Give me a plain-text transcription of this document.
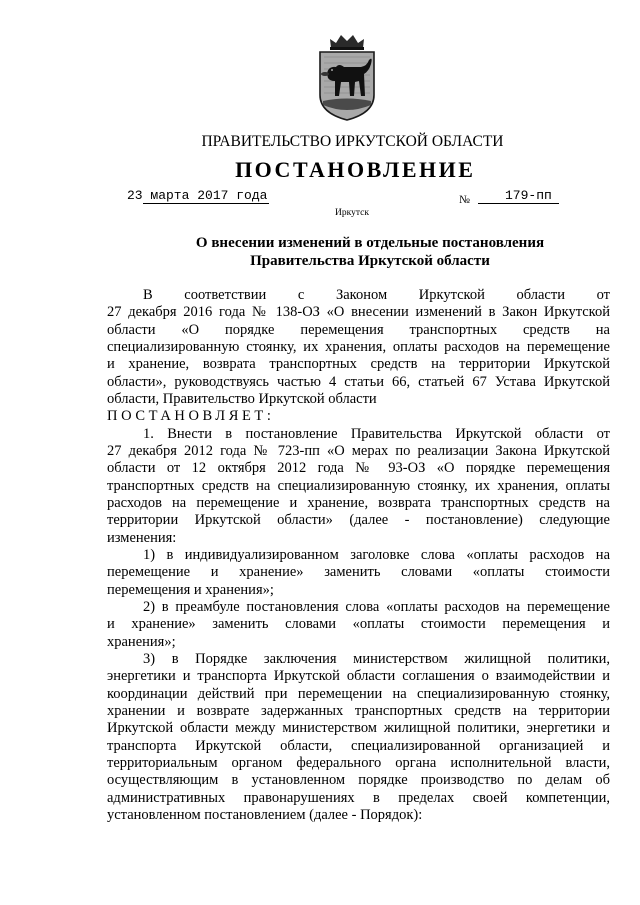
ПРАВИТЕЛЬСТВО ИРКУТСКОЙ ОБЛАСТИ
ПОСТАНОВЛЕНИЕ
23 марта 2017 года	№	179-пп
Иркутск
О внесении изменений в отдельные постановления
Правительства Иркутской области
В соответствии с Законом Иркутской области от
27 декабря 2016 года № 138-ОЗ «О внесении изменений в Закон Иркутской
области «О порядке перемещения транспортных средств на
специализированную стоянку, их хранения, оплаты расходов на перемещение
и хранение, возврата транспортных средств на территории Иркутской
области», руководствуясь частью 4 статьи 66, статьей 67 Устава Иркутской
области, Правительство Иркутской области
ПОСТАНОВЛЯЕТ:
1. Внести в постановление Правительства Иркутской области от
27 декабря 2012 года № 723-пп «О мерах по реализации Закона Иркутской
области от 12 октября 2012 года № 93-ОЗ «О порядке перемещения
транспортных средств на специализированную стоянку, их хранения, оплаты
расходов на перемещение и хранение, возврата транспортных средств на
территории Иркутской области» (далее - постановление) следующие
изменения:
1) в индивидуализированном заголовке слова «оплаты расходов на
перемещение и хранение» заменить словами «оплаты стоимости
перемещения и хранения»;
2) в преамбуле постановления слова «оплаты расходов на перемещение
и хранение» заменить словами «оплаты стоимости перемещения и
хранения»;
3) в Порядке заключения министерством жилищной политики,
энергетики и транспорта Иркутской области соглашения о взаимодействии и
координации действий при перемещении на специализированную стоянку,
хранении и возврате задержанных транспортных средств на территории
Иркутской области между министерством жилищной политики, энергетики и
транспорта Иркутской области, специализированной организацией и
территориальным органом федерального органа исполнительной власти,
осуществляющим в установленном порядке производство по делам об
административных правонарушениях в пределах своей компетенции,
установленном постановлением (далее - Порядок):
